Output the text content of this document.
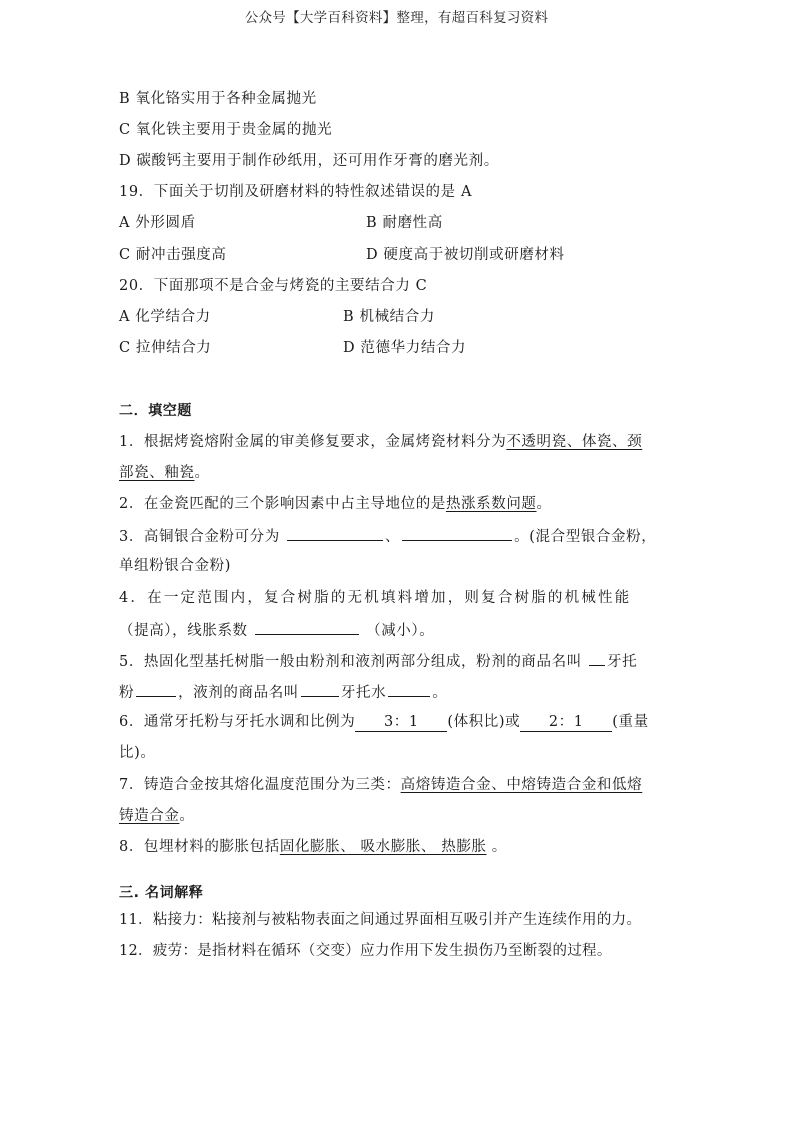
公众号【大学百科资料】整理，有超百科复习资料
B 氧化铬实用于各种金属抛光
C 氧化铁主要用于贵金属的抛光
D 碳酸钙主要用于制作砂纸用，还可用作牙膏的磨光剂。
19．下面关于切削及研磨材料的特性叙述错误的是 A
A 外形圆盾	B 耐磨性高
C 耐冲击强度高	D 硬度高于被切削或研磨材料
20．下面那项不是合金与烤瓷的主要结合力 C
A 化学结合力	B 机械结合力
C 拉伸结合力	D 范德华力结合力
二．填空题
1．根据烤瓷熔附金属的审美修复要求，金属烤瓷材料分为不透明瓷、体瓷、颈
部瓷、釉瓷。
2．在金瓷匹配的三个影响因素中占主导地位的是热涨系数问题。
3．高铜银合金粉可分为	、	。(混合型银合金粉，
单组粉银合金粉)
4．在一定范围内，复合树脂的无机填料增加，则复合树脂的机械性能
（提高），线胀系数	（减小）。
5．热固化型基托树脂一般由粉剂和液剂两部分组成，粉剂的商品名叫 牙托
粉	，液剂的商品名叫	牙托水	。
6．通常牙托粉与牙托水调和比例为 3：1 (体积比)或 2：1 (重量
比)。
7．铸造合金按其熔化温度范围分为三类：高熔铸造合金、中熔铸造合金和低熔
铸造合金。
8．包埋材料的膨胀包括固化膨胀、 吸水膨胀、 热膨胀 。
三. 名词解释
11．粘接力：粘接剂与被粘物表面之间通过界面相互吸引并产生连续作用的力。
12．疲劳：是指材料在循环（交变）应力作用下发生损伤乃至断裂的过程。
